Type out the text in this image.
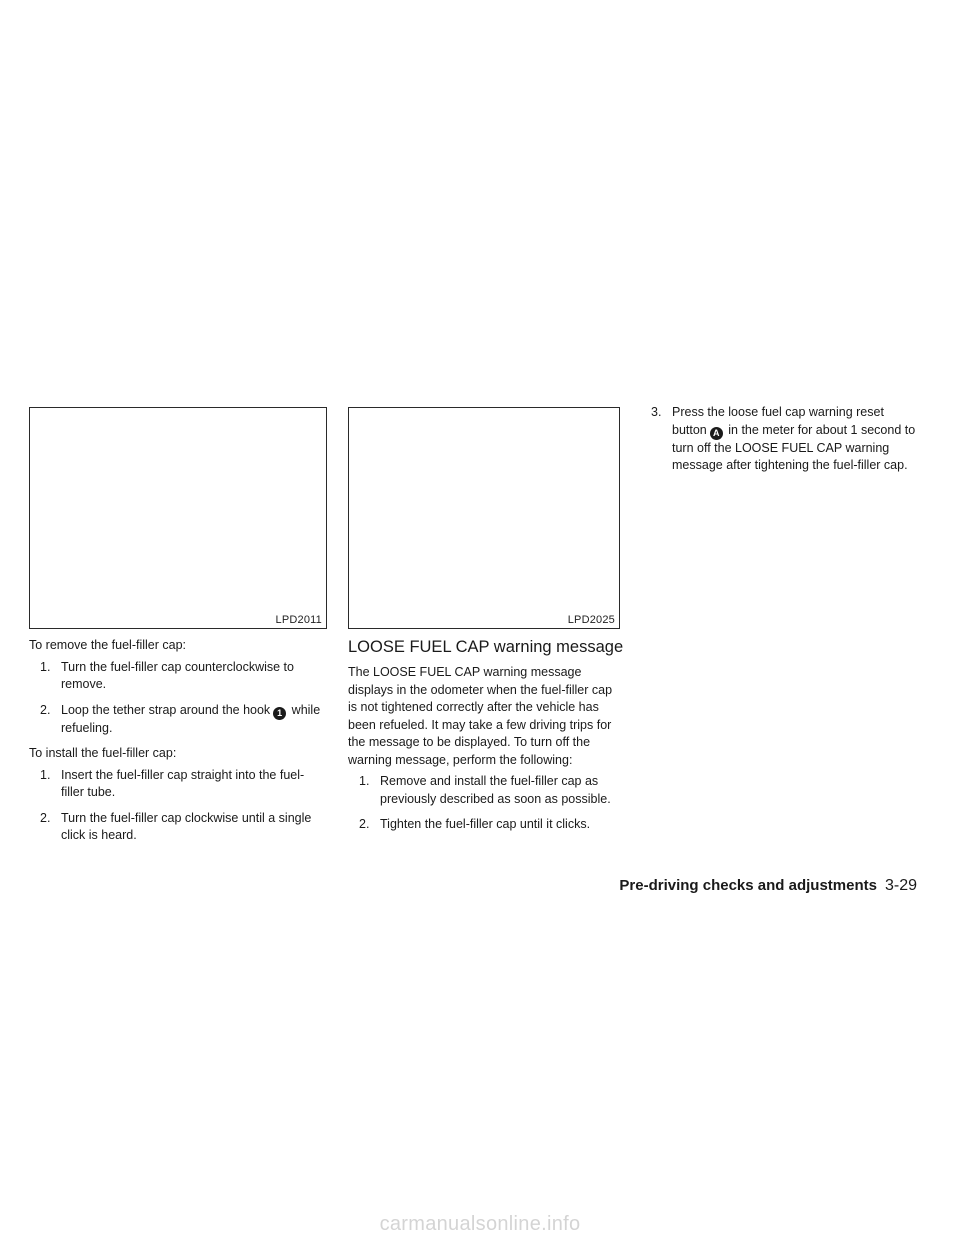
LPD2011	LPD2025

To remove the fuel-filler cap:

1. Turn the fuel-filler cap counterclockwise to remove.
2. Loop the tether strap around the hook 1 while refueling.

To install the fuel-filler cap:

1. Insert the fuel-filler cap straight into the fuel-filler tube.
2. Turn the fuel-filler cap clockwise until a single click is heard.
LOOSE FUEL CAP warning message

The LOOSE FUEL CAP warning message displays in the odometer when the fuel-filler cap is not tightened correctly after the vehicle has been refueled. It may take a few driving trips for the message to be displayed. To turn off the warning message, perform the following:

1. Remove and install the fuel-filler cap as previously described as soon as possible.
2. Tighten the fuel-filler cap until it clicks.
3. Press the loose fuel cap warning reset button A in the meter for about 1 second to turn off the LOOSE FUEL CAP warning message after tightening the fuel-filler cap.
Pre-driving checks and adjustments 3-29
carmanualsonline.info
